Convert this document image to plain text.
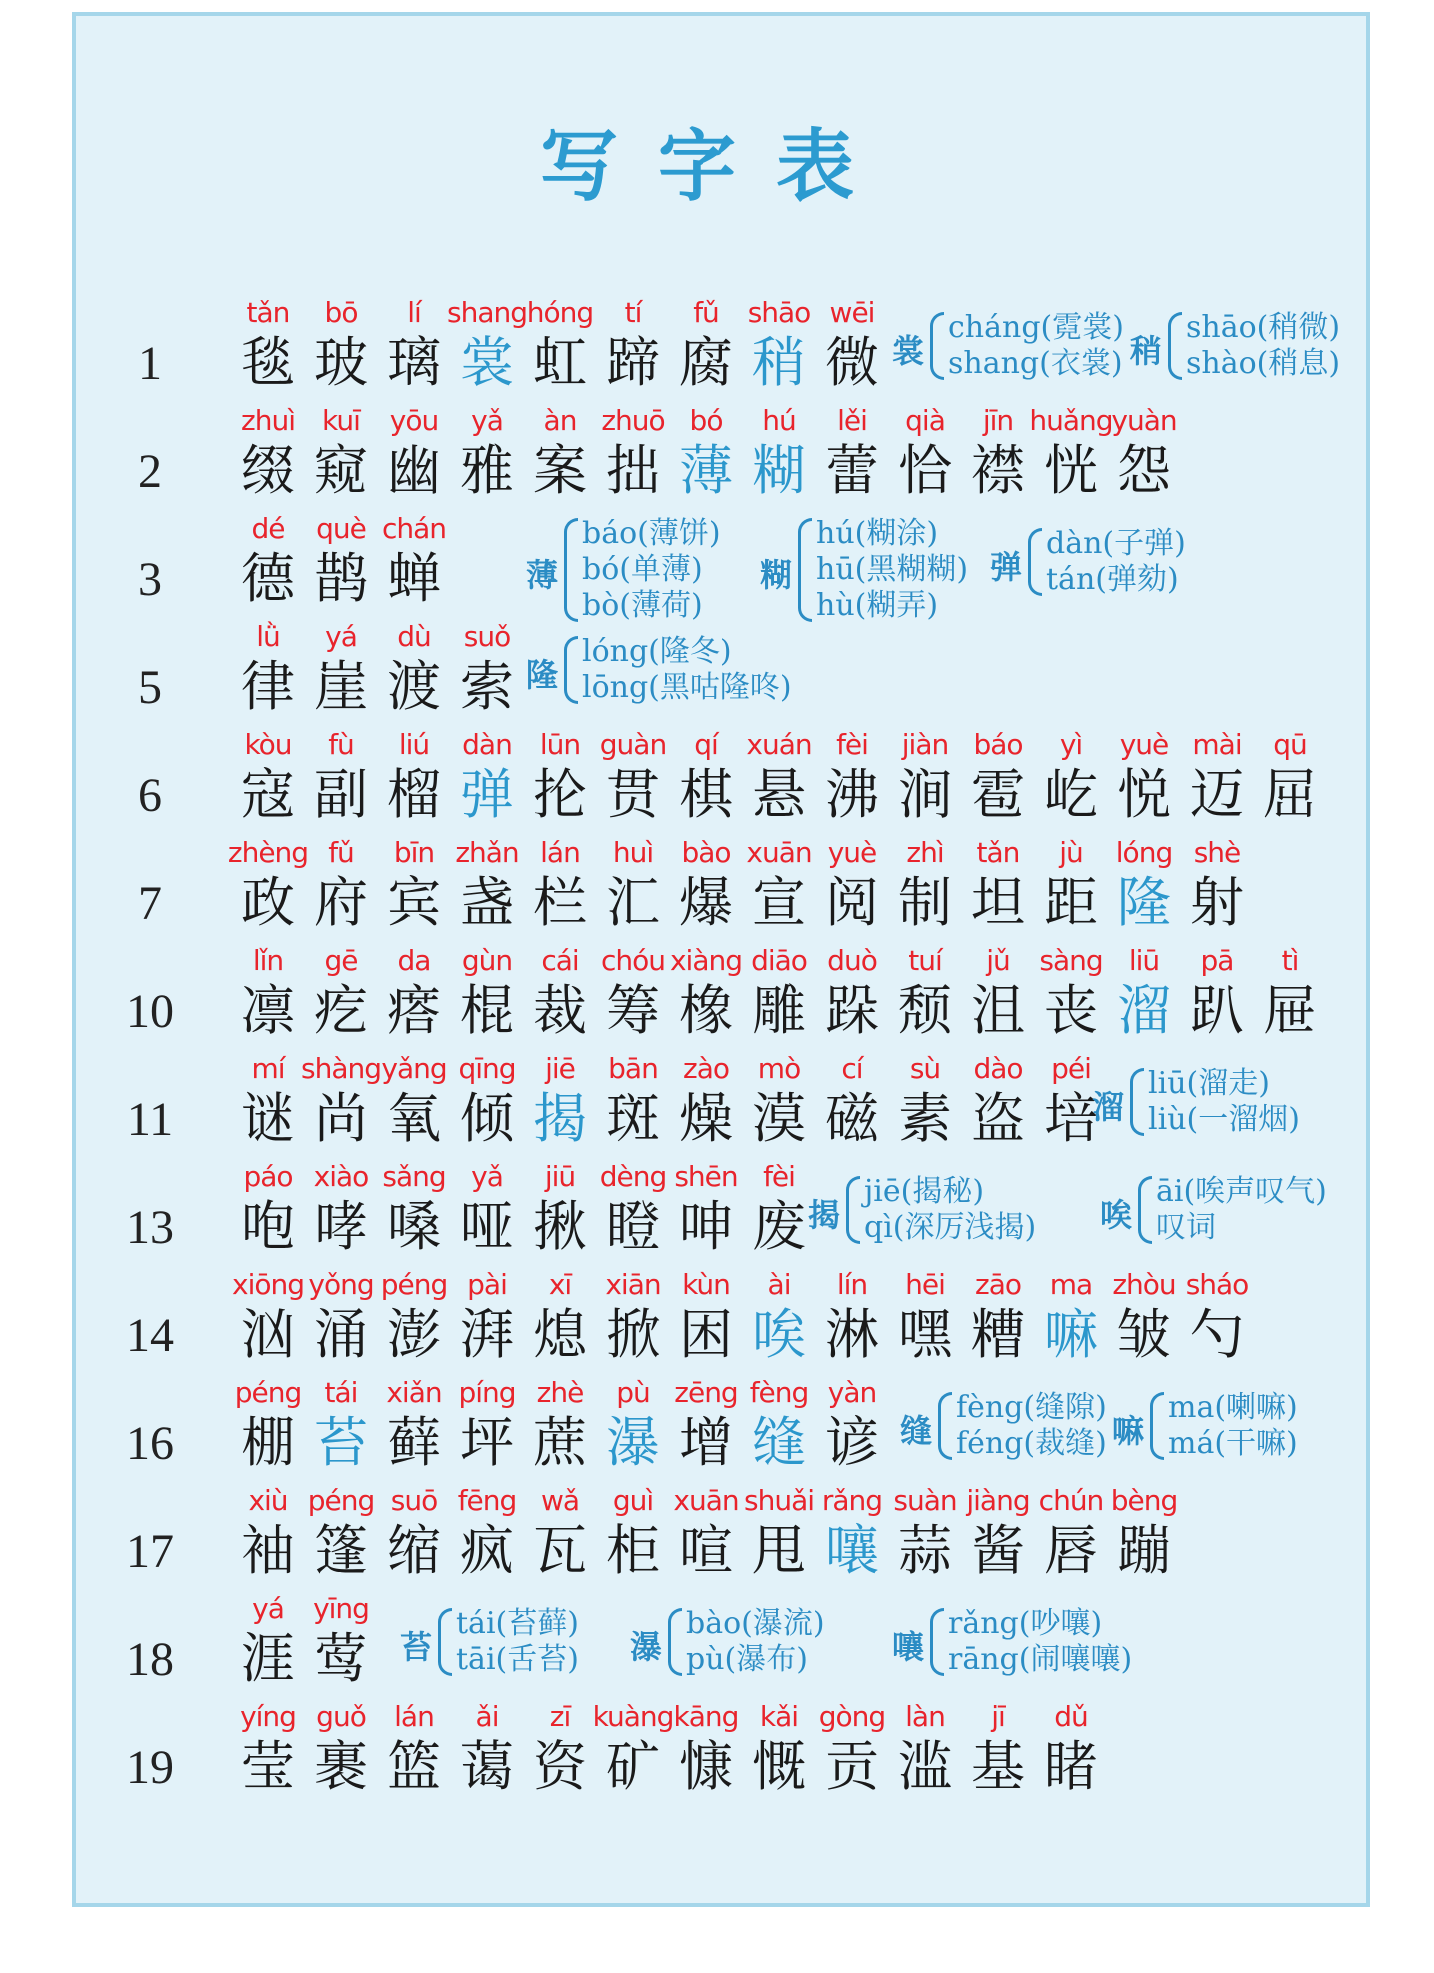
写字表
1
tǎn
毯
bō
玻
lí
璃
shang
裳
hóng
虹
tí
蹄
fǔ
腐
shāo
稍
wēi
微 裳
cháng(霓裳)
shang(衣裳) 稍
shāo(稍微)
shào(稍息)
2
zhuì
缀
kuī
窥
yōu
幽
yǎ
雅
àn
案
zhuō
拙
bó
薄
hú
糊
lěi
蕾
qià
恰
jīn
襟
huǎng
恍
yuàn
怨
3
dé
德
què
鹊
chán
蝉	薄
báo(薄饼)
bó(单薄)
bò(薄荷)
糊
hú(糊涂)
hū(黑糊糊)
hù(糊弄)
弹
dàn(子弹)
tán(弹劾)
5
lǜ
律
yá
崖
dù
渡
suǒ
索 隆
lóng(隆冬)
lōng(黑咕隆咚)
6
kòu
寇
fù
副
liú
榴
dàn
弹
lūn
抡
guàn
贯
qí
棋
xuán
悬
fèi
沸
jiàn
涧
báo
雹
yì
屹
yuè
悦
mài
迈
qū
屈
7
zhèng
政
fǔ
府
bīn
宾
zhǎn
盏
lán
栏
huì
汇
bào
爆
xuān
宣
yuè
阅
zhì
制
tǎn
坦
jù
距
lóng
隆
shè
射
10
lǐn
凛
gē
疙
da
瘩
gùn
棍
cái
裁
chóu
筹
xiàng
橡
diāo
雕
duò
跺
tuí
颓
jǔ
沮
sàng
丧
liū
溜
pā
趴
tì
屉
11
mí
谜
shàng
尚
yǎng
氧
qīng
倾
jiē
揭
bān
斑
zào
燥
mò
漠
cí
磁
sù
素
dào
盗
péi
培
溜
liū(溜走)
liù(一溜烟)
13
páo
咆
xiào
哮
sǎng
嗓
yǎ
哑
jiū
揪
dèng
瞪
shēn
呻
fèi
废 揭
jiē(揭秘)
qì(深厉浅揭) 唉
āi(唉声叹气)
叹词
14
xiōng
汹
yǒng
涌
péng
澎
pài
湃
xī
熄
xiān
掀
kùn
困
ài
唉
lín
淋
hēi
嘿
zāo
糟
ma
嘛
zhòu
皱
sháo
勺
16
péng
棚
tái
苔
xiǎn
藓
píng
坪
zhè
蔗
pù
瀑
zēng
增
fèng
缝
yàn
谚 缝
fèng(缝隙)
féng(裁缝) 嘛
ma(喇嘛)
má(干嘛)
17
xiù
袖
péng
篷
suō
缩
fēng
疯
wǎ
瓦
guì
柜
xuān
喧
shuǎi
甩
rǎng
嚷
suàn
蒜
jiàng
酱
chún
唇
bèng
蹦
18
yá
涯
yīng
莺 苔
tái(苔藓)
tāi(舌苔) 瀑
bào(瀑流)
pù(瀑布)	嚷
rǎng(吵嚷)
rāng(闹嚷嚷)
19
yíng
莹
guǒ
裹
lán
篮
ǎi
蔼
zī
资
kuàng
矿
kāng
慷
kǎi
慨
gòng
贡
làn
滥
jī
基
dǔ
睹
